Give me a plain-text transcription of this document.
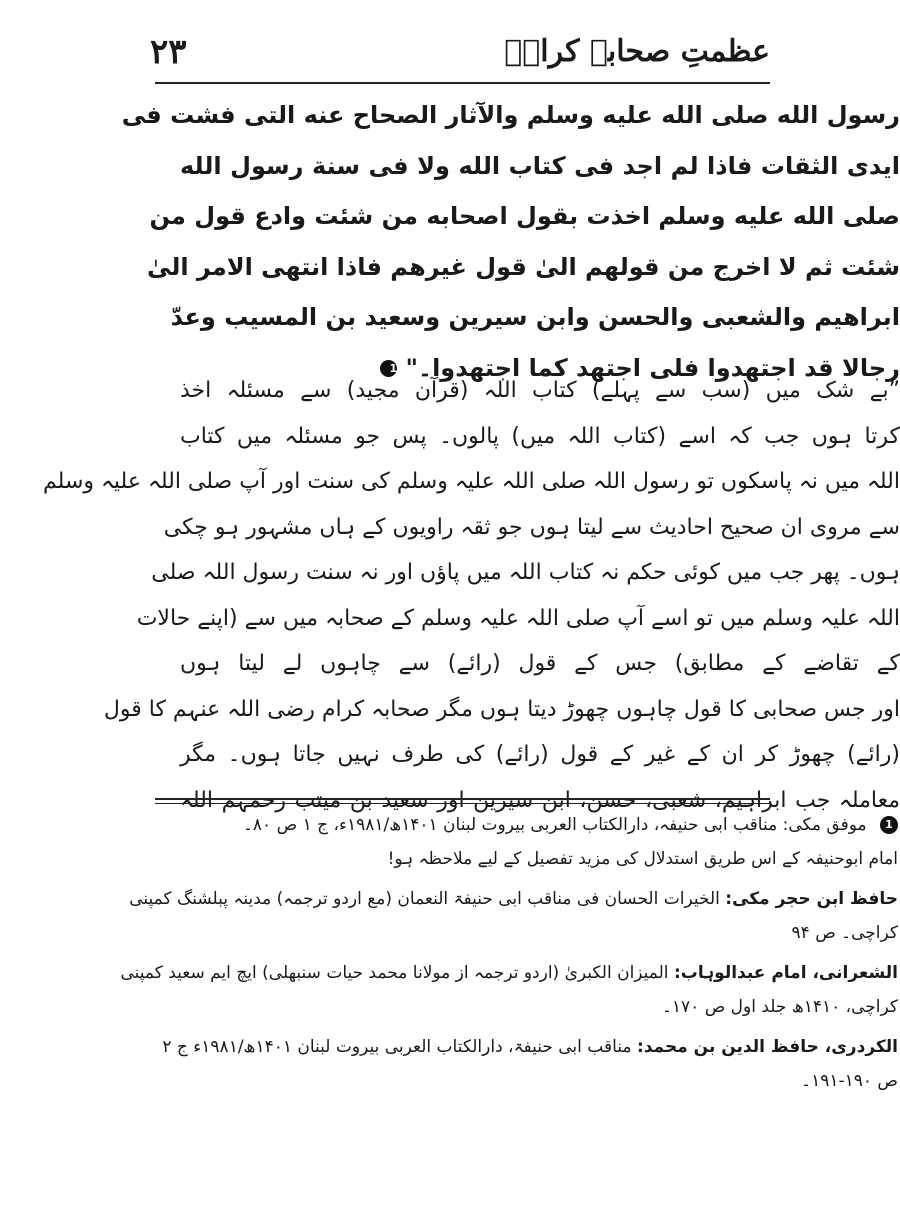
عظمتِ صحابہ کرامؓ
۲۳
رسول الله صلى الله عليه وسلم والآثار الصحاح عنه التى فشت فى
ايدى الثقات فاذا لم اجد فى كتاب الله ولا فى سنة رسول الله
صلى الله عليه وسلم اخذت بقول اصحابه من شئت وادع قول من
شئت ثم لا اخرج من قولهم الىٰ قول غيرهم فاذا انتهى الامر الىٰ
ابراهيم والشعبى والحسن وابن سيرين وسعيد بن المسيب وعدّ
رجالا قد اجتهدوا فلى اجتهد كما اجتهدوا۔" 1
”بے شک میں (سب سے پہلے) کتاب اللہ (قرآن مجید) سے مسئلہ اخذ
کرتا ہوں جب کہ اسے (کتاب اللہ میں) پالوں۔ پس جو مسئلہ میں کتاب
اللہ میں نہ پاسکوں تو رسول اللہ صلی اللہ علیہ وسلم کی سنت اور آپ صلی اللہ علیہ وسلم
سے مروی ان صحیح احادیث سے لیتا ہوں جو ثقہ راویوں کے ہاں مشہور ہو چکی
ہوں۔ پھر جب میں کوئی حکم نہ کتاب اللہ میں پاؤں اور نہ سنت رسول اللہ صلی
اللہ علیہ وسلم میں تو اسے آپ صلی اللہ علیہ وسلم کے صحابہ میں سے (اپنے حالات
کے تقاضے کے مطابق) جس کے قول (رائے) سے چاہوں لے لیتا ہوں
اور جس صحابی کا قول چاہوں چھوڑ دیتا ہوں مگر صحابہ کرام رضی اللہ عنہم کا قول
(رائے) چھوڑ کر ان کے غیر کے قول (رائے) کی طرف نہیں جاتا ہوں۔ مگر
معاملہ جب ابراہیم، شعبی، حسن، ابن سیرین اور سعید بن میتب رحمہم اللہ
1 موفق مکی: مناقب ابی حنیفہ، دارالکتاب العربی بیروت لبنان ۱۴۰۱ھ/۱۹۸۱ء، ج ۱ ص ۸۰۔
امام ابوحنیفہ کے اس طریق استدلال کی مزید تفصیل کے لیے ملاحظہ ہو!
حافظ ابن حجر مکی: الخیرات الحسان فی مناقب ابی حنیفۃ النعمان (مع اردو ترجمہ) مدینہ پبلشنگ کمپنی
کراچی۔ ص ۹۴
الشعرانی، امام عبدالوہاب: المیزان الکبریٰ (اردو ترجمہ از مولانا محمد حیات سنبھلی) ایچ ایم سعید کمپنی
کراچی، ۱۴۱۰ھ جلد اول ص ۱۷۰۔
الکردری، حافظ الدین بن محمد: مناقب ابی حنیفۃ، دارالکتاب العربی بیروت لبنان ۱۴۰۱ھ/۱۹۸۱ء ج ۲
ص ۱۹۰-۱۹۱۔
